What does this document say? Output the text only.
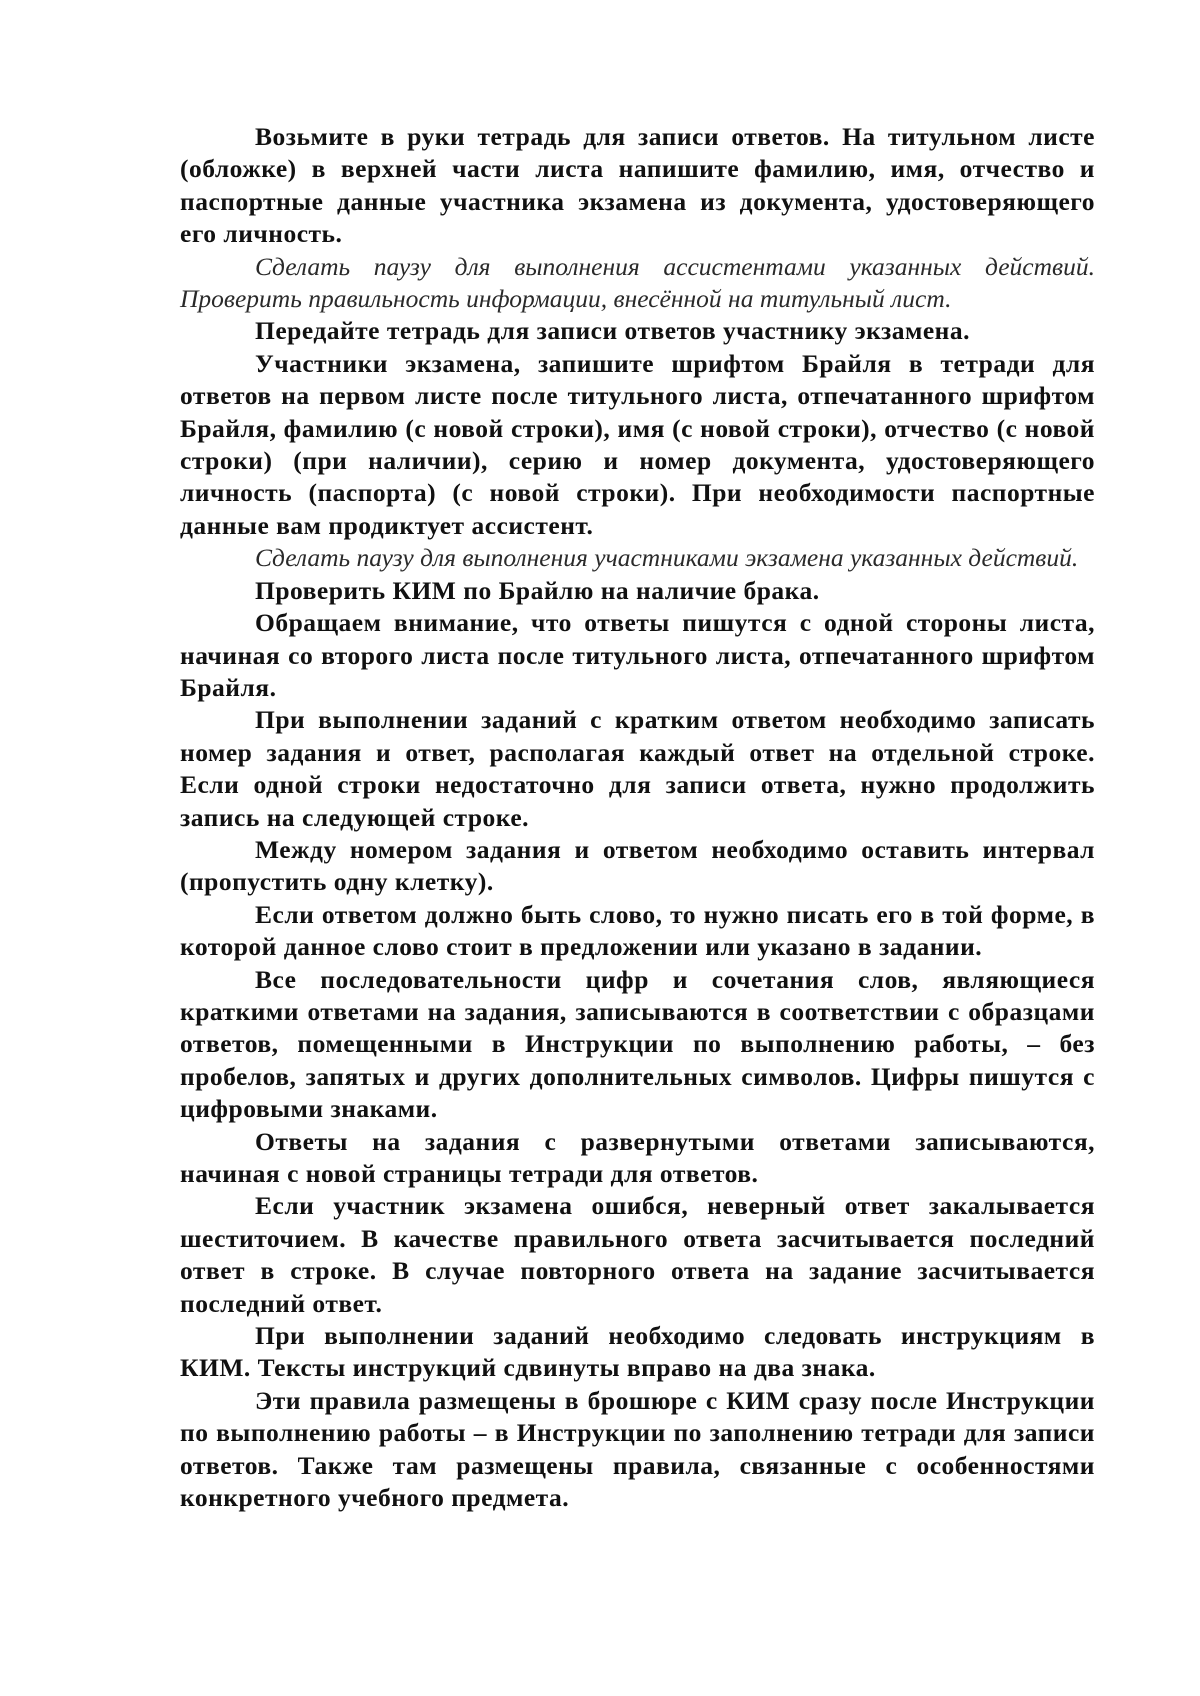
Возьмите в руки тетрадь для записи ответов. На титульном листе (обложке) в верхней части листа напишите фамилию, имя, отчество и паспортные данные участника экзамена из документа, удостоверяющего его личность.

Сделать паузу для выполнения ассистентами указанных действий. Проверить правильность информации, внесённой на титульный лист.

Передайте тетрадь для записи ответов участнику экзамена.

Участники экзамена, запишите шрифтом Брайля в тетради для ответов на первом листе после титульного листа, отпечатанного шрифтом Брайля, фамилию (с новой строки), имя (с новой строки), отчество (с новой строки) (при наличии), серию и номер документа, удостоверяющего личность (паспорта) (с новой строки). При необходимости паспортные данные вам продиктует ассистент.

Сделать паузу для выполнения участниками экзамена указанных действий.

Проверить КИМ по Брайлю на наличие брака.

Обращаем внимание, что ответы пишутся с одной стороны листа, начиная со второго листа после титульного листа, отпечатанного шрифтом Брайля.

При выполнении заданий с кратким ответом необходимо записать номер задания и ответ, располагая каждый ответ на отдельной строке. Если одной строки недостаточно для записи ответа, нужно продолжить запись на следующей строке.

Между номером задания и ответом необходимо оставить интервал (пропустить одну клетку).

Если ответом должно быть слово, то нужно писать его в той форме, в которой данное слово стоит в предложении или указано в задании.

Все последовательности цифр и сочетания слов, являющиеся краткими ответами на задания, записываются в соответствии с образцами ответов, помещенными в Инструкции по выполнению работы, – без пробелов, запятых и других дополнительных символов. Цифры пишутся с цифровыми знаками.

Ответы на задания с развернутыми ответами записываются, начиная с новой страницы тетради для ответов.

Если участник экзамена ошибся, неверный ответ закалывается шеститочием. В качестве правильного ответа засчитывается последний ответ в строке. В случае повторного ответа на задание засчитывается последний ответ.

При выполнении заданий необходимо следовать инструкциям в КИМ. Тексты инструкций сдвинуты вправо на два знака.

Эти правила размещены в брошюре с КИМ сразу после Инструкции по выполнению работы – в Инструкции по заполнению тетради для записи ответов. Также там размещены правила, связанные с особенностями конкретного учебного предмета.
